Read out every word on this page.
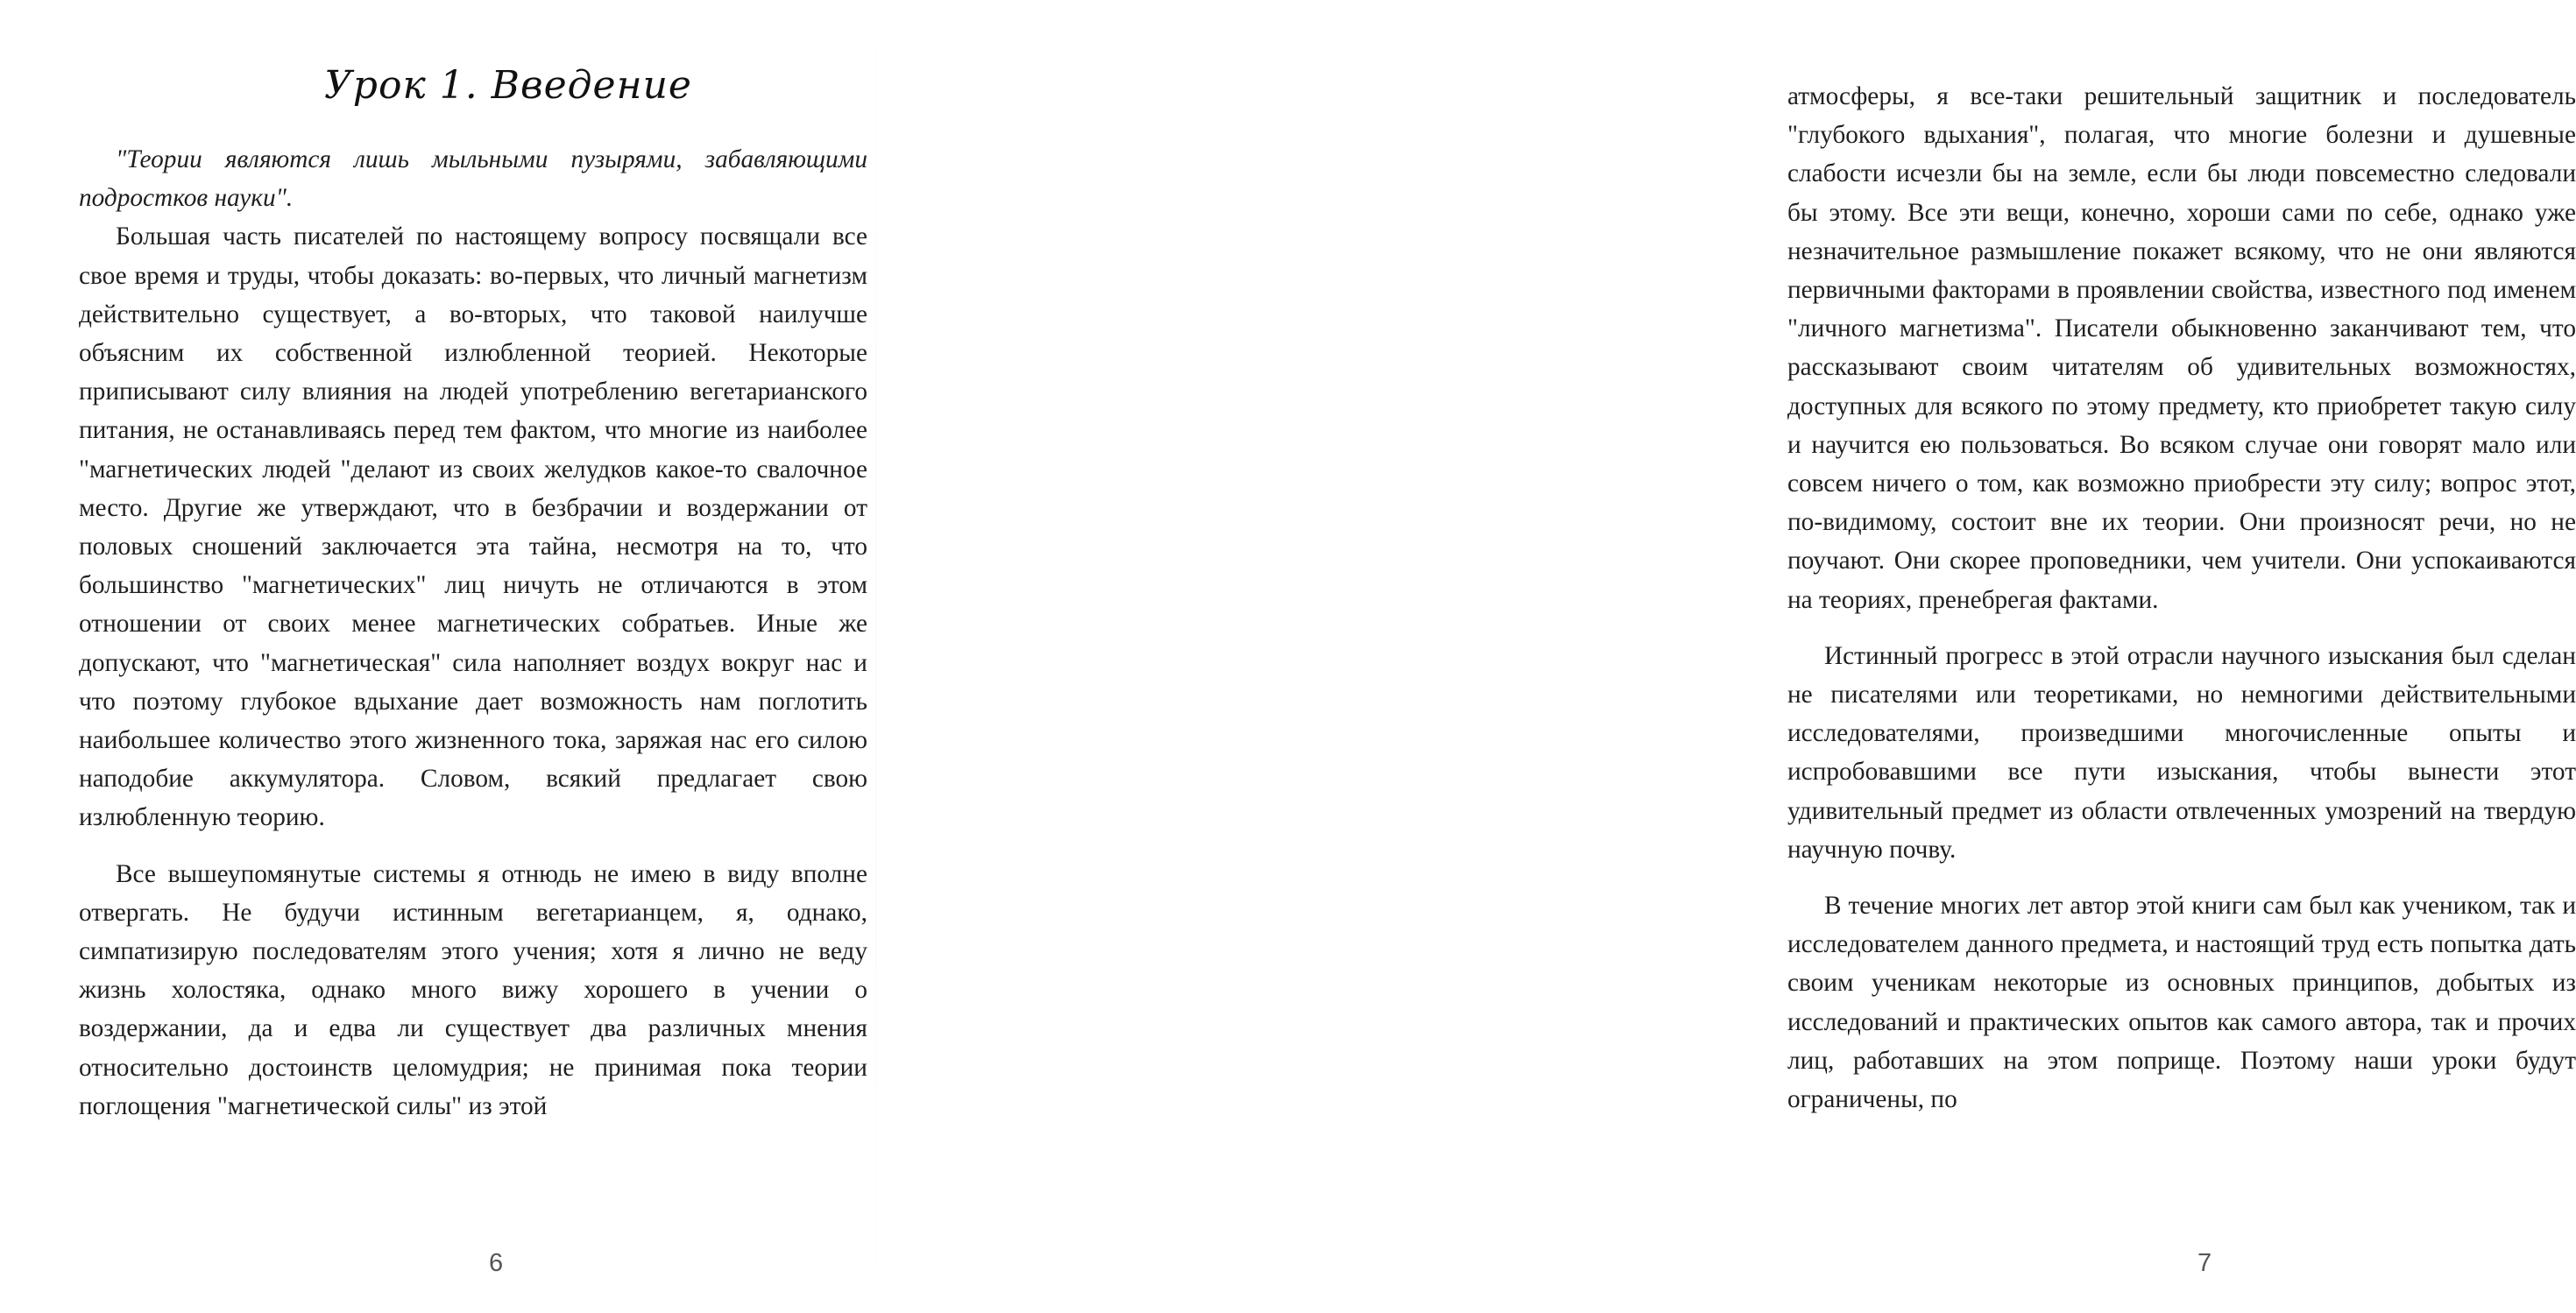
Урок 1. Введение

"Теории являются лишь мыльными пузырями, забавляющими подростков науки".

Большая часть писателей по настоящему вопросу посвящали все свое время и труды, чтобы доказать: во-первых, что личный магнетизм действительно существует, а во-вторых, что таковой наилучше объясним их собственной излюбленной теорией. Некоторые приписывают силу влияния на людей употреблению вегетарианского питания, не останавливаясь перед тем фактом, что многие из наиболее "магнетических людей "делают из своих желудков какое-то свалочное место. Другие же утверждают, что в безбрачии и воздержании от половых сношений заключается эта тайна, несмотря на то, что большинство "магнетических" лиц ничуть не отличаются в этом отношении от своих менее магнетических собратьев. Иные же допускают, что "магнетическая" сила наполняет воздух вокруг нас и что поэтому глубокое вдыхание дает возможность нам поглотить наибольшее количество этого жизненного тока, заряжая нас его силою наподобие аккумулятора. Словом, всякий предлагает свою излюбленную теорию.

Все вышеупомянутые системы я отнюдь не имею в виду вполне отвергать. Не будучи истинным вегетарианцем, я, однако, симпатизирую последователям этого учения; хотя я лично не веду жизнь холостяка, однако много вижу хорошего в учении о воздержании, да и едва ли существует два различных мнения относительно достоинств целомудрия; не принимая пока теории поглощения "магнетической силы" из этой

6

атмосферы, я все-таки решительный защитник и последователь "глубокого вдыхания", полагая, что многие болезни и душевные слабости исчезли бы на земле, если бы люди повсеместно следовали бы этому. Все эти вещи, конечно, хороши сами по себе, однако уже незначительное размышление покажет всякому, что не они являются первичными факторами в проявлении свойства, известного под именем "личного магнетизма". Писатели обыкновенно заканчивают тем, что рассказывают своим читателям об удивительных возможностях, доступных для всякого по этому предмету, кто приобретет такую силу и научится ею пользоваться. Во всяком случае они говорят мало или совсем ничего о том, как возможно приобрести эту силу; вопрос этот, по-видимому, состоит вне их теории. Они произносят речи, но не поучают. Они скорее проповедники, чем учители. Они успокаиваются на теориях, пренебрегая фактами.

Истинный прогресс в этой отрасли научного изыскания был сделан не писателями или теоретиками, но немногими действительными исследователями, произведшими многочисленные опыты и испробовавшими все пути изыскания, чтобы вынести этот удивительный предмет из области отвлеченных умозрений на твердую научную почву.

В течение многих лет автор этой книги сам был как учеником, так и исследователем данного предмета, и настоящий труд есть попытка дать своим ученикам некоторые из основных принципов, добытых из исследований и практических опытов как самого автора, так и прочих лиц, работавших на этом поприще. Поэтому наши уроки будут ограничены, по

7
